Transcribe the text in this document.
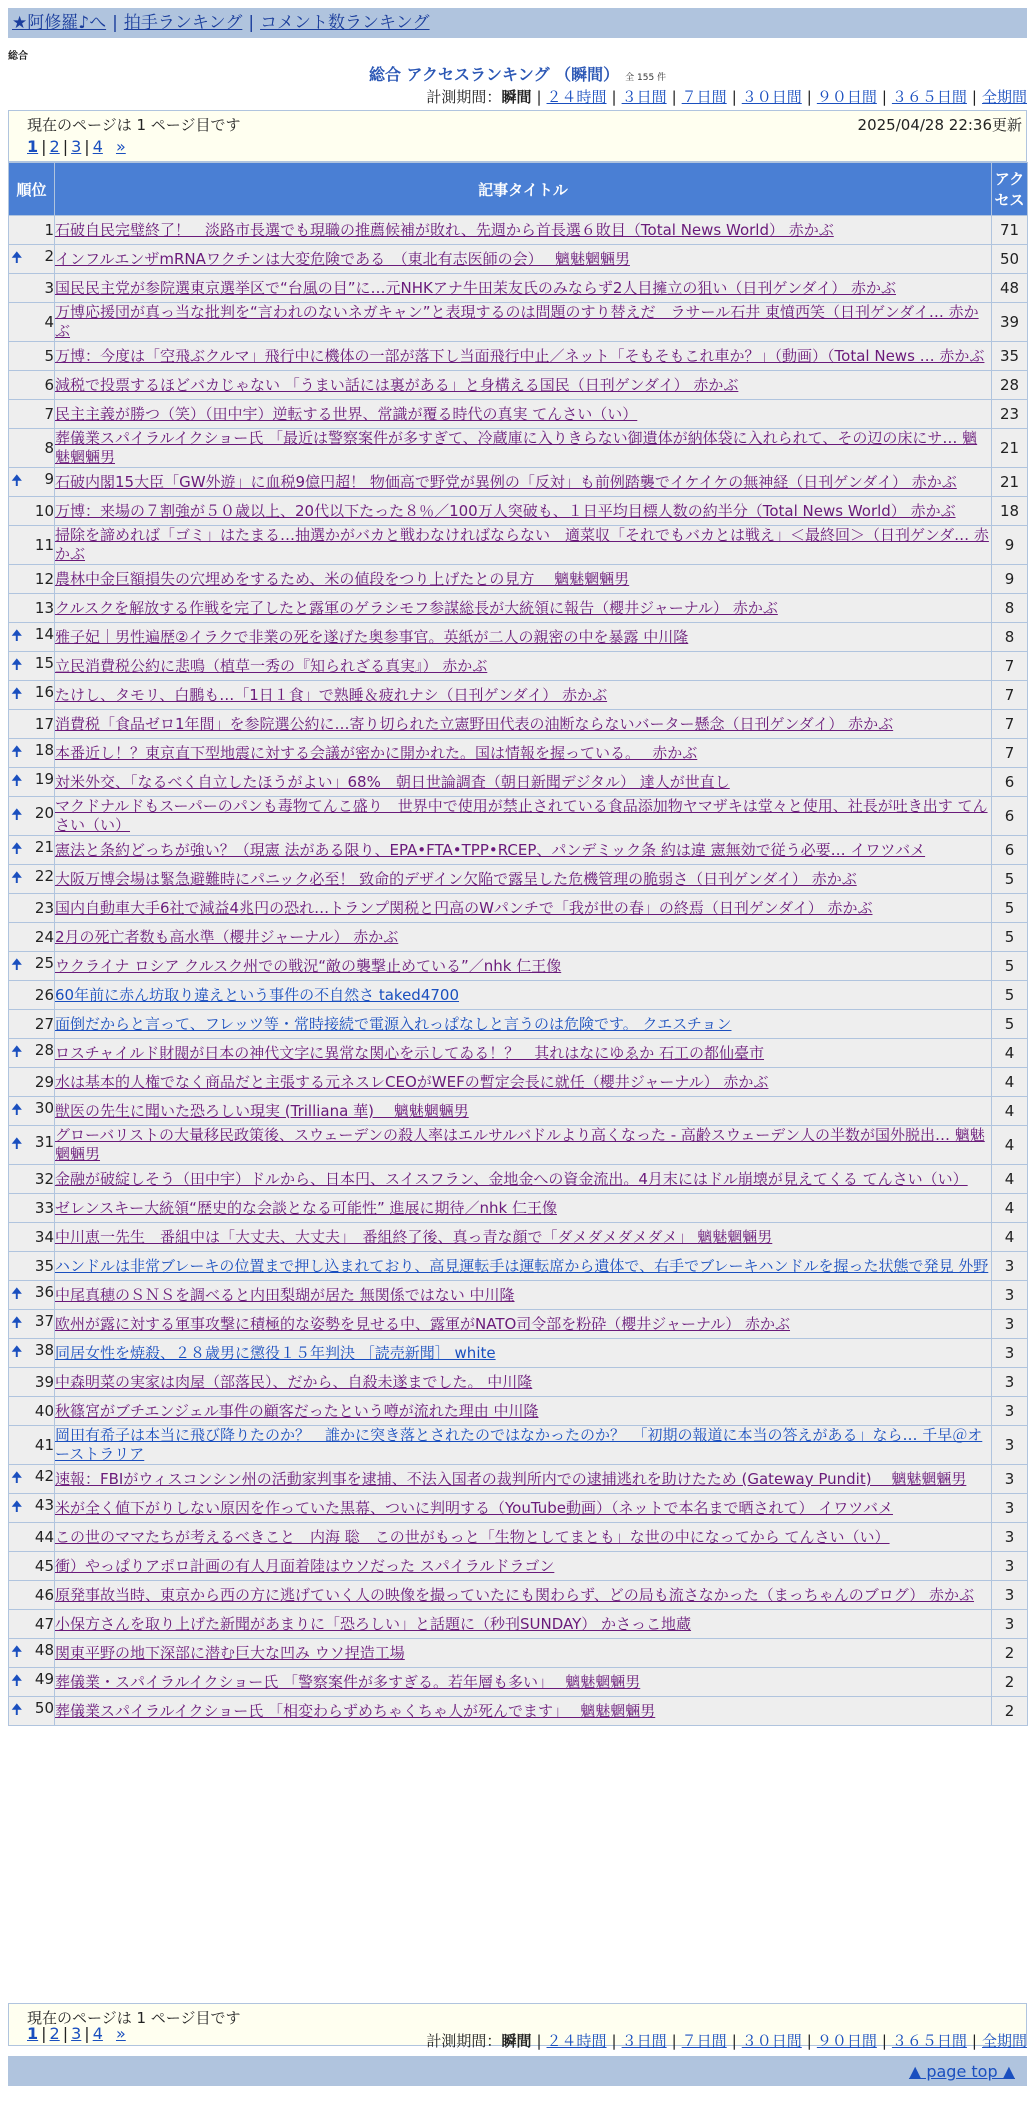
★阿修羅♪へ | 拍手ランキング | コメント数ランキング
総合
総合 アクセスランキング （瞬間） 全 155 件
計測期間：瞬間 | ２４時間 | ３日間 | ７日間 | ３０日間 | ９０日間 | ３６５日間 | 全期間
現在のページは 1 ページ目です	2025/04/28 22:36更新
1 | 2 | 3 | 4 »
順位	記事タイトル	アクセス
1	石破自民完璧終了！　淡路市長選でも現職の推薦候補が敗れ、先週から首長選６敗目（Total News World） 赤かぶ	71

🠉 2	インフルエンザmRNAワクチンは大変危険である　（東北有志医師の会）　 魑魅魍魎男	50
3	国民民主党が参院選東京選挙区で“台風の目”に…元NHKアナ牛田茉友氏のみならず2人目擁立の狙い（日刊ゲンダイ） 赤かぶ	48
4	万博応援団が真っ当な批判を“言われのないネガキャン”と表現するのは問題のすり替えだ　ラサール石井 東憤西笑（日刊ゲンダイ… 赤かぶ	39
5	万博：今度は「空飛ぶクルマ」飛行中に機体の一部が落下し当面飛行中止／ネット「そもそもこれ車か？」（動画）（Total News … 赤かぶ	35
6	減税で投票するほどバカじゃない 「うまい話には裏がある」と身構える国民（日刊ゲンダイ） 赤かぶ	28
7	民主主義が勝つ（笑）（田中宇）逆転する世界、常識が覆る時代の真実 てんさい（い）	23
8	葬儀業スパイラルイクショー氏 「最近は警察案件が多すぎて、冷蔵庫に入りきらない御遺体が納体袋に入れられて、その辺の床にサ… 魑魅魍魎男	21

🠉 9	石破内閣15大臣「GW外遊」に血税9億円超！ 物価高で野党が異例の「反対」も前例踏襲でイケイケの無神経（日刊ゲンダイ） 赤かぶ	21
10	万博：来場の７割強が５０歳以上、20代以下たった８％／100万人突破も、１日平均目標人数の約半分（Total News World） 赤かぶ	18
11	掃除を諦めれば「ゴミ」はたまる…抽選かがバカと戦わなければならない　適菜収「それでもバカとは戦え」＜最終回＞（日刊ゲンダ… 赤かぶ	9
12	農林中金巨額損失の穴埋めをするため、米の値段をつり上げたとの見方　 魑魅魍魎男	9
13	クルスクを解放する作戦を完了したと露軍のゲラシモフ参謀総長が大統領に報告（櫻井ジャーナル） 赤かぶ	8

🠉 14	雅子妃｜男性遍歴②イラクで非業の死を遂げた奥参事官。英紙が二人の親密の中を暴露 中川隆	8

🠉 15	立民消費税公約に悲鳴（植草一秀の『知られざる真実』） 赤かぶ	7

🠉 16	たけし、タモリ、白鵬も…「1日１食」で熟睡＆疲れナシ（日刊ゲンダイ） 赤かぶ	7
17	消費税「食品ゼロ1年間」を参院選公約に…寄り切られた立憲野田代表の油断ならないバーター懸念（日刊ゲンダイ） 赤かぶ	7

🠉 18	本番近し！？東京直下型地震に対する会議が密かに開かれた。国は情報を握っている。　 赤かぶ	7

🠉 19	対米外交、「なるべく自立したほうがよい」68%　朝日世論調査（朝日新聞デジタル） 達人が世直し	6

🠉 20	マクドナルドもスーパーのパンも毒物てんこ盛り　世界中で使用が禁止されている食品添加物ヤマザキは堂々と使用、社長が吐き出す てんさい（い）	6

🠉 21	憲法と条約どっちが強い？（現憲 法がある限り、EPA•FTA•TPP•RCEP、パンデミック条 約は違 憲無効で従う必要… イワツバメ	6

🠉 22	大阪万博会場は緊急避難時にパニック必至！ 致命的デザイン欠陥で露呈した危機管理の脆弱さ（日刊ゲンダイ） 赤かぶ	5
23	国内自動車大手6社で減益4兆円の恐れ…トランプ関税と円高のWパンチで「我が世の春」の終焉（日刊ゲンダイ） 赤かぶ	5
24	2月の死亡者数も高水準（櫻井ジャーナル） 赤かぶ	5

🠉 25	ウクライナ ロシア クルスク州での戦況“敵の襲撃止めている”／nhk 仁王像	5
26	60年前に赤ん坊取り違えという事件の不自然さ taked4700	5
27	面倒だからと言って、フレッツ等・常時接続で電源入れっぱなしと言うのは危険です。 クエスチョン	5

🠉 28	ロスチャイルド財閥が日本の神代文字に異常な関心を示してゐる！？　其れはなにゆゑか 石工の都仙臺市	4
29	水は基本的人権でなく商品だと主張する元ネスレCEOがWEFの暫定会長に就任（櫻井ジャーナル） 赤かぶ	4

🠉 30	獣医の先生に聞いた恐ろしい現実 (Trilliana 華)　 魑魅魍魎男	4

🠉 31	グローバリストの大量移民政策後、スウェーデンの殺人率はエルサルバドルより高くなった - 高齢スウェーデン人の半数が国外脱出… 魑魅魍魎男	4
32	金融が破綻しそう（田中宇）ドルから、日本円、スイスフラン、金地金への資金流出。4月末にはドル崩壊が見えてくる てんさい（い）	4
33	ゼレンスキー大統領“歴史的な会談となる可能性” 進展に期待／nhk 仁王像	4
34	中川恵一先生　番組中は「大丈夫、大丈夫」　番組終了後、真っ青な顔で「ダメダメダメダメ」 魑魅魍魎男	4
35	ハンドルは非常ブレーキの位置まで押し込まれており、高見運転手は運転席から遺体で、右手でブレーキハンドルを握った状態で発見 外野	3

🠉 36	中尾真穂のＳＮＳを調べると内田梨瑚が居た 無関係ではない 中川隆	3

🠉 37	欧州が露に対する軍事攻撃に積極的な姿勢を見せる中、露軍がNATO司令部を粉砕（櫻井ジャーナル） 赤かぶ	3

🠉 38	同居女性を焼殺、２８歳男に懲役１５年判決 ［読売新聞］ white	3
39	中森明菜の実家は肉屋（部落民）、だから、自殺未遂までした。 中川隆	3
40	秋篠宮がブチエンジェル事件の顧客だったという噂が流れた理由 中川隆	3
41	岡田有希子は本当に飛び降りたのか？　誰かに突き落とされたのではなかったのか？　「初期の報道に本当の答えがある」なら… 千早＠オーストラリア	3

🠉 42	速報：FBIがウィスコンシン州の活動家判事を逮捕、不法入国者の裁判所内での逮捕逃れを助けたため (Gateway Pundit)　 魑魅魍魎男	3

🠉 43	米が全く値下がりしない原因を作っていた黒幕、ついに判明する（YouTube動画）（ネットで本名まで晒されて） イワツバメ	3
44	この世のママたちが考えるべきこと　内海 聡　この世がもっと「生物としてまとも」な世の中になってから てんさい（い）	3
45	衝）やっぱりアポロ計画の有人月面着陸はウソだった スパイラルドラゴン	3
46	原発事故当時、東京から西の方に逃げていく人の映像を撮っていたにも関わらず、どの局も流さなかった（まっちゃんのブログ） 赤かぶ	3
47	小保方さんを取り上げた新聞があまりに「恐ろしい」と話題に（秒刊SUNDAY） かさっこ地蔵	3

🠉 48	関東平野の地下深部に潜む巨大な凹み ウソ捏造工場	2

🠉 49	葬儀業・スパイラルイクショー氏 「警察案件が多すぎる。若年層も多い」　 魑魅魍魎男	2

🠉 50	葬儀業スパイラルイクショー氏 「相変わらずめちゃくちゃ人が死んでます」　 魑魅魍魎男	2
現在のページは 1 ページ目です
1 | 2 | 3 | 4 »	計測期間：瞬間 | ２４時間 | ３日間 | ７日間 | ３０日間 | ９０日間 | ３６５日間 | 全期間
▲ page top ▲
